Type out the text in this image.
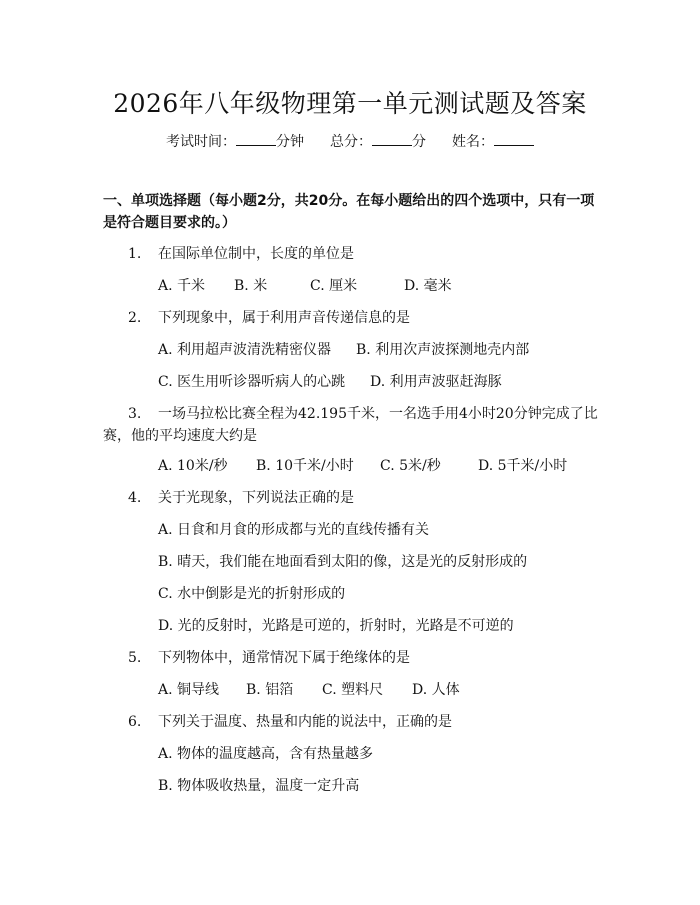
2026年八年级物理第一单元测试题及答案
考试时间：	分钟 总分：	分 姓名：
一、单项选择题（每小题2分，共20分。在每小题给出的四个选项中，只有一项是符合题目要求的。）
1. 在国际单位制中，长度的单位是
A. 千米 B. 米	C. 厘米	D. 毫米
2. 下列现象中，属于利用声音传递信息的是
A. 利用超声波清洗精密仪器 B. 利用次声波探测地壳内部
C. 医生用听诊器听病人的心跳 D. 利用声波驱赶海豚
3. 一场马拉松比赛全程为42.195千米，一名选手用4小时20分钟完成了比
赛，他的平均速度大约是
A. 10米/秒 B. 10千米/小时 C. 5米/秒	D. 5千米/小时
4. 关于光现象，下列说法正确的是
A. 日食和月食的形成都与光的直线传播有关
B. 晴天，我们能在地面看到太阳的像，这是光的反射形成的
C. 水中倒影是光的折射形成的
D. 光的反射时，光路是可逆的，折射时，光路是不可逆的
5. 下列物体中，通常情况下属于绝缘体的是
A. 铜导线 B. 铝箔 C. 塑料尺 D. 人体
6. 下列关于温度、热量和内能的说法中，正确的是
A. 物体的温度越高，含有热量越多
B. 物体吸收热量，温度一定升高
